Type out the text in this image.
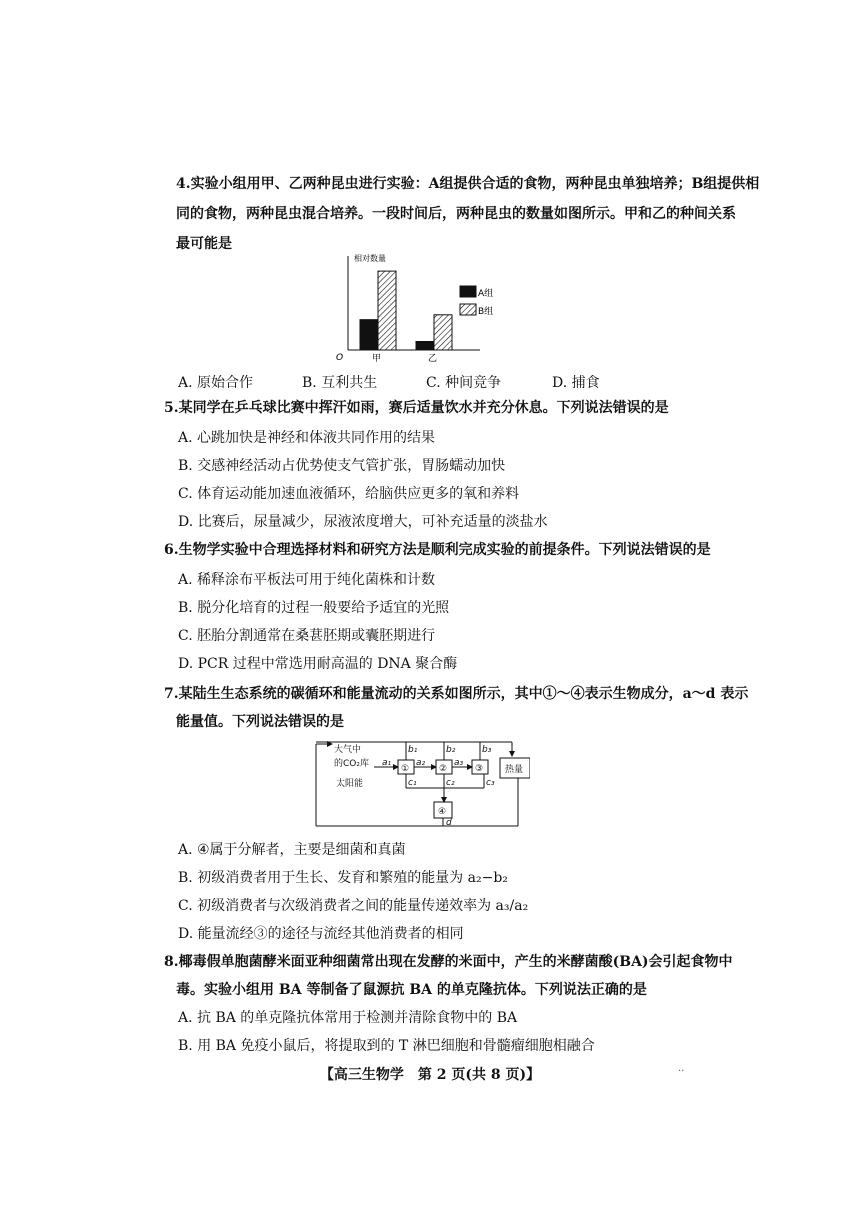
4.实验小组用甲、乙两种昆虫进行实验：A组提供合适的食物，两种昆虫单独培养；B组提供相
同的食物，两种昆虫混合培养。一段时间后，两种昆虫的数量如图所示。甲和乙的种间关系
最可能是
相对数量
O	甲	乙
A组
B组
A. 原始合作	B. 互利共生	C. 种间竞争	D. 捕食
5.某同学在乒乓球比赛中挥汗如雨，赛后适量饮水并充分休息。下列说法错误的是
A. 心跳加快是神经和体液共同作用的结果
B. 交感神经活动占优势使支气管扩张，胃肠蠕动加快
C. 体育运动能加速血液循环，给脑供应更多的氧和养料
D. 比赛后，尿量减少，尿液浓度增大，可补充适量的淡盐水
6.生物学实验中合理选择材料和研究方法是顺利完成实验的前提条件。下列说法错误的是
A. 稀释涂布平板法可用于纯化菌株和计数
B. 脱分化培育的过程一般要给予适宜的光照
C. 胚胎分割通常在桑葚胚期或囊胚期进行
D. PCR 过程中常选用耐高温的 DNA 聚合酶
7.某陆生生态系统的碳循环和能量流动的关系如图所示，其中①～④表示生物成分，a～d 表示
能量值。下列说法错误的是
大气中
的CO₂库
太阳能
①	②	③
④
热量
a₁	a₂	a₃
b₁	b₂	b₃
c₁	c₂	c₃
d
A. ④属于分解者，主要是细菌和真菌
B. 初级消费者用于生长、发育和繁殖的能量为 a₂−b₂
C. 初级消费者与次级消费者之间的能量传递效率为 a₃/a₂
D. 能量流经③的途径与流经其他消费者的相同
8.椰毒假单胞菌酵米面亚种细菌常出现在发酵的米面中，产生的米酵菌酸(BA)会引起食物中
毒。实验小组用 BA 等制备了鼠源抗 BA 的单克隆抗体。下列说法正确的是
A. 抗 BA 的单克隆抗体常用于检测并清除食物中的 BA
B. 用 BA 免疫小鼠后，将提取到的 T 淋巴细胞和骨髓瘤细胞相融合
【高三生物学　第 2 页(共 8 页)】	··
